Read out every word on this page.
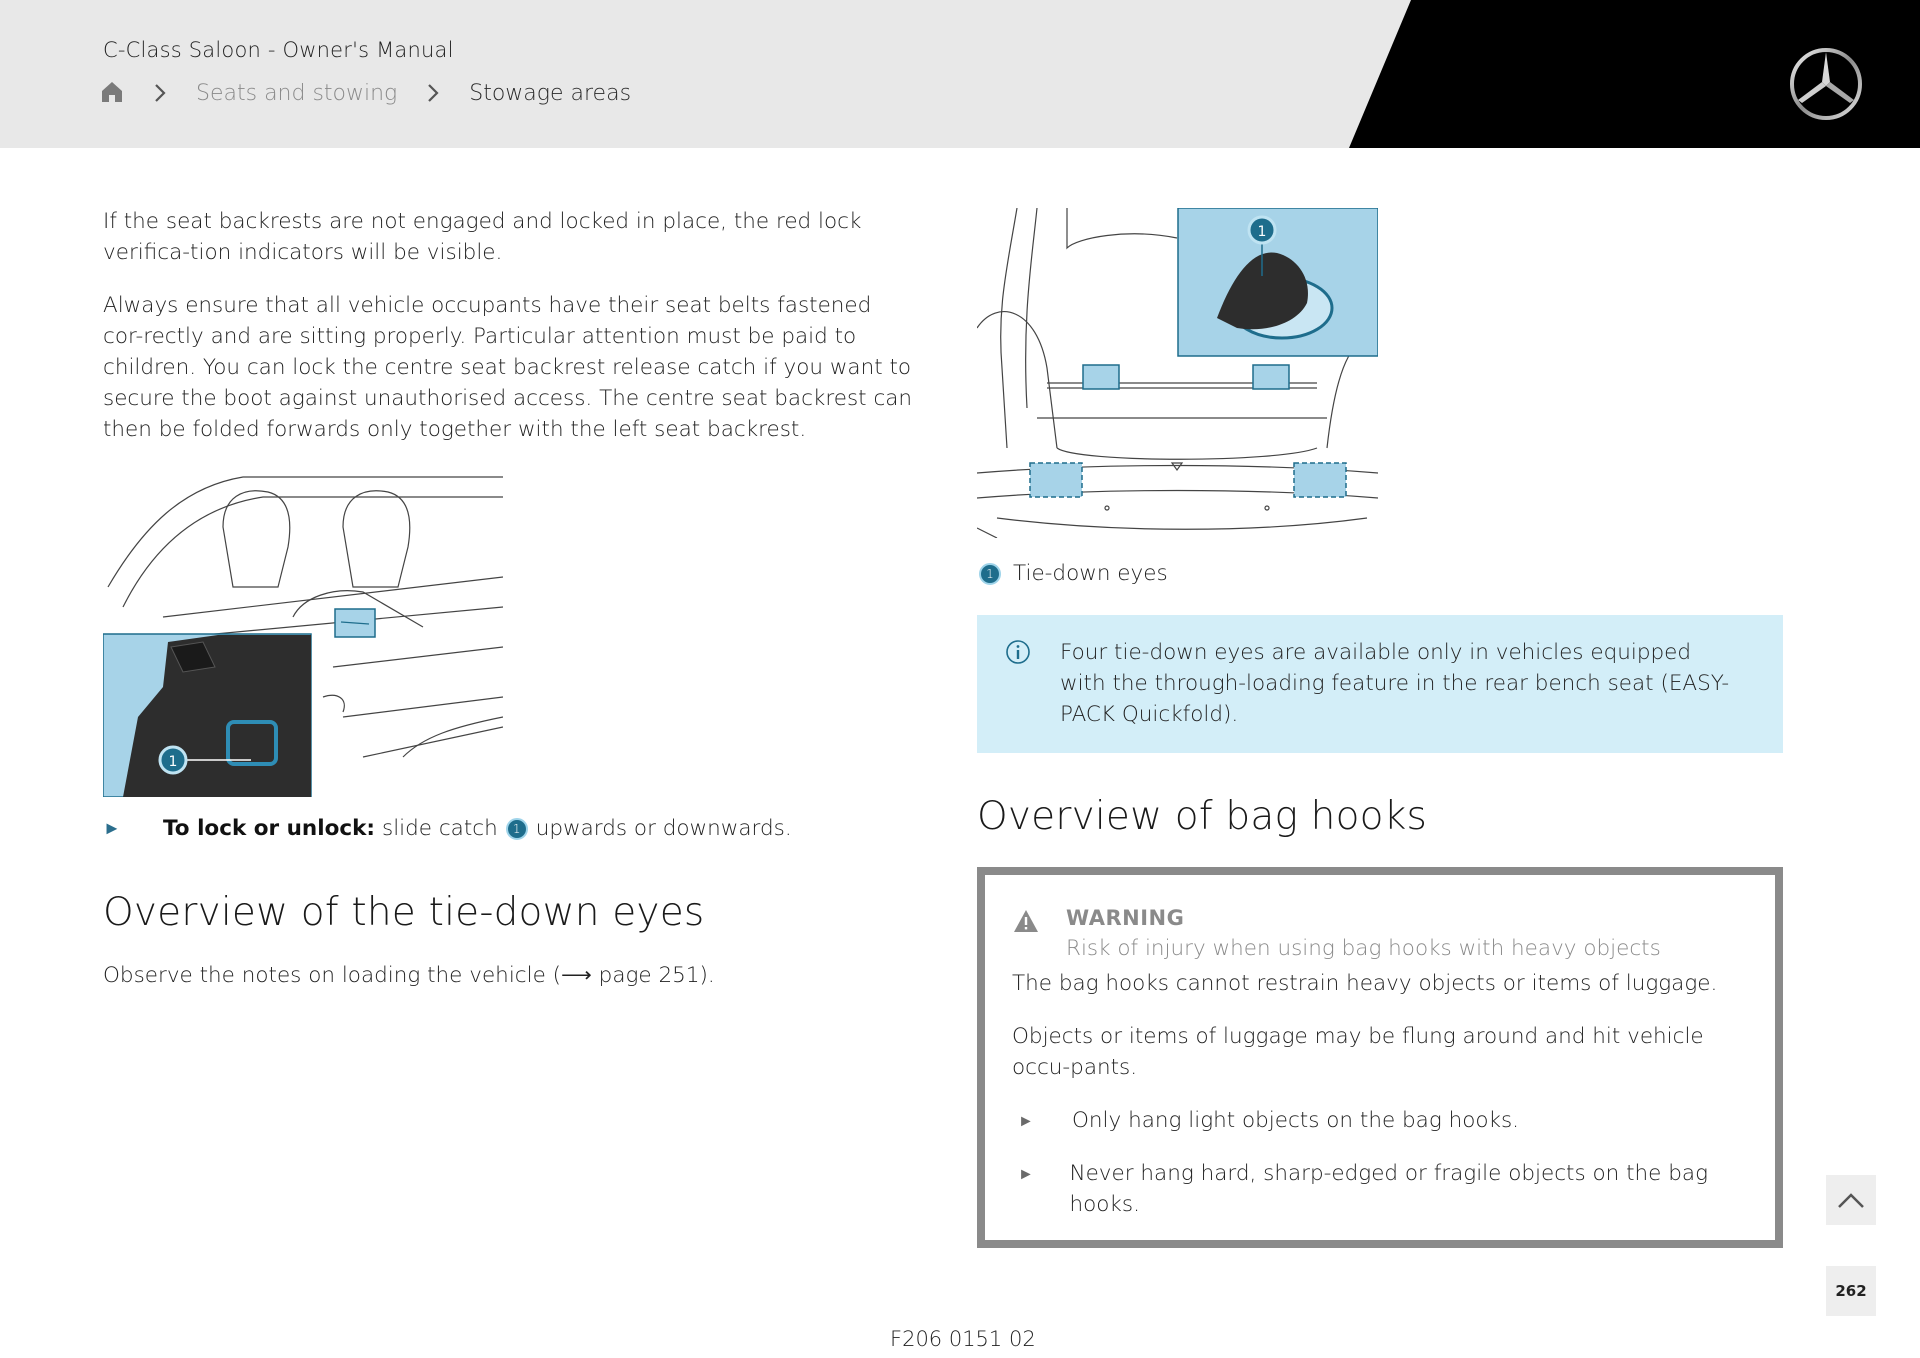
C-Class Saloon - Owner's Manual
Seats and stowing	Stowage areas

If the seat backrests are not engaged and locked in place, the red lock verifica-tion indicators will be visible.

Always ensure that all vehicle occupants have their seat belts fastened cor-rectly and are sitting properly. Particular attention must be paid to children. You can lock the centre seat backrest release catch if you want to secure the boot against unauthorised access. The centre seat backrest can then be folded forwards only together with the left seat backrest.

1
►	To lock or unlock: slide catch	1 upwards or downwards.
Overview of the tie-down eyes
Observe the notes on loading the vehicle (⟶ page 251).
1
1 Tie-down eyes
Four tie-down eyes are available only in vehicles equipped with the through-loading feature in the rear bench seat (EASY-PACK Quickfold).
Overview of bag hooks
WARNING
Risk of injury when using bag hooks with heavy objects

The bag hooks cannot restrain heavy objects or items of luggage.

Objects or items of luggage may be flung around and hit vehicle occu-pants.

►	Only hang light objects on the bag hooks.
►	Never hang hard, sharp-edged or fragile objects on the bag hooks.
262
F206 0151 02
